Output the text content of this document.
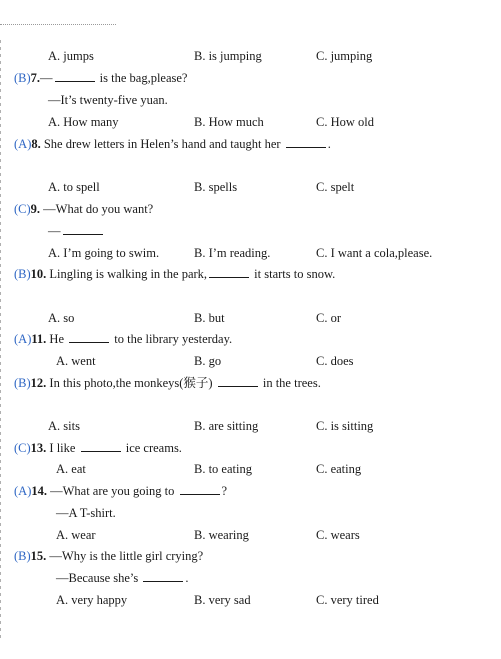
A. jumps	B. is jumping	C. jumping
(B)7.—	is the bag,please?
—It’s twenty-five yuan.
A. How many	B. How much	C. How old
(A)8. She drew letters in Helen’s hand and taught her	.
A. to spell	B. spells	C. spelt
(C)9. —What do you want?
—
A. I’m going to swim.	B. I’m reading.	C. I want a cola,please.
(B)10. Lingling is walking in the park,	it starts to snow.
A. so	B. but	C. or
(A)11. He	to the library yesterday.
A. went	B. go	C. does
(B)12. In this photo,the monkeys(猴子)	in the trees.
A. sits	B. are sitting	C. is sitting
(C)13. I like	ice creams.
A. eat	B. to eating	C. eating
(A)14. —What are you going to	?
—A T-shirt.
A. wear	B. wearing	C. wears
(B)15. —Why is the little girl crying?
—Because she’s	.
A. very happy	B. very sad	C. very tired
